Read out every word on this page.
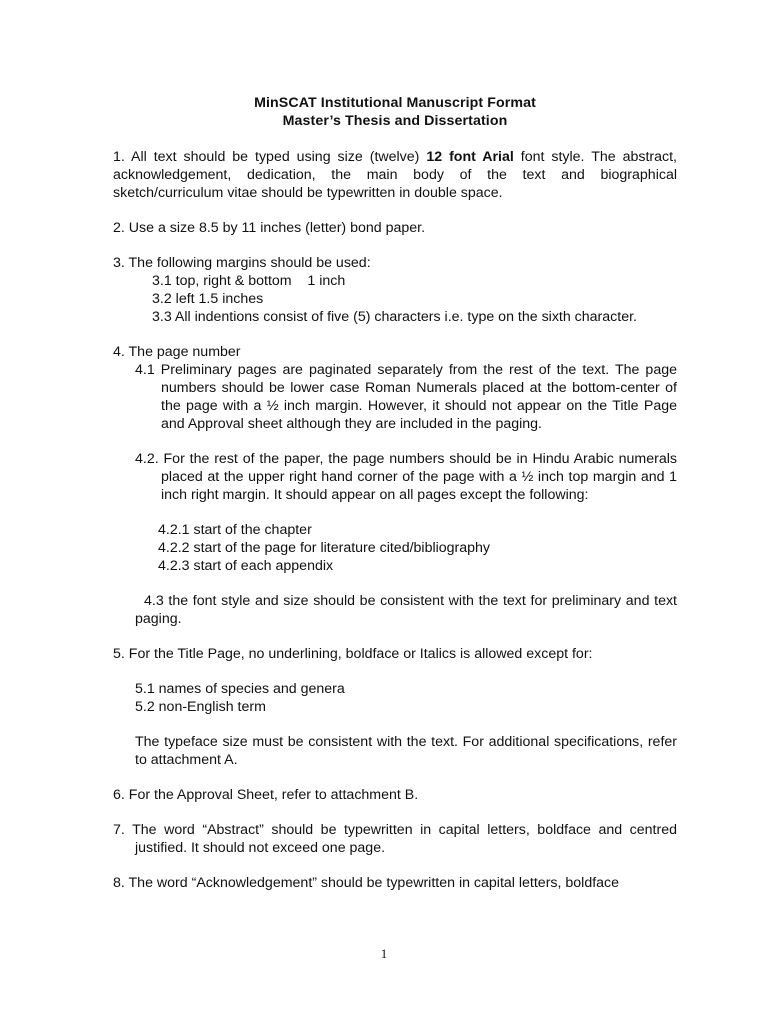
MinSCAT Institutional Manuscript Format

Master’s Thesis and Dissertation

1. All text should be typed using size (twelve) 12 font Arial font style. The abstract, acknowledgement, dedication, the main body of the text and biographical sketch/curriculum vitae should be typewritten in double space.

2. Use a size 8.5 by 11 inches (letter) bond paper.

3. The following margins should be used:

3.1 top, right & bottom    1 inch

3.2 left 1.5 inches

3.3 All indentions consist of five (5) characters i.e. type on the sixth character.

4. The page number

4.1 Preliminary pages are paginated separately from the rest of the text. The page numbers should be lower case Roman Numerals placed at the bottom-center of the page with a ½ inch margin. However, it should not appear on the Title Page and Approval sheet although they are included in the paging.

4.2. For the rest of the paper, the page numbers should be in Hindu Arabic numerals placed at the upper right hand corner of the page with a ½ inch top margin and 1 inch right margin. It should appear on all pages except the following:

4.2.1 start of the chapter

4.2.2 start of the page for literature cited/bibliography

4.2.3 start of each appendix

4.3 the font style and size should be consistent with the text for preliminary and text paging.

5. For the Title Page, no underlining, boldface or Italics is allowed except for:

5.1 names of species and genera

5.2 non-English term

The typeface size must be consistent with the text. For additional specifications, refer to attachment A.

6. For the Approval Sheet, refer to attachment B.

7. The word “Abstract” should be typewritten in capital letters, boldface and centred justified. It should not exceed one page.

8. The word “Acknowledgement” should be typewritten in capital letters, boldface

1
